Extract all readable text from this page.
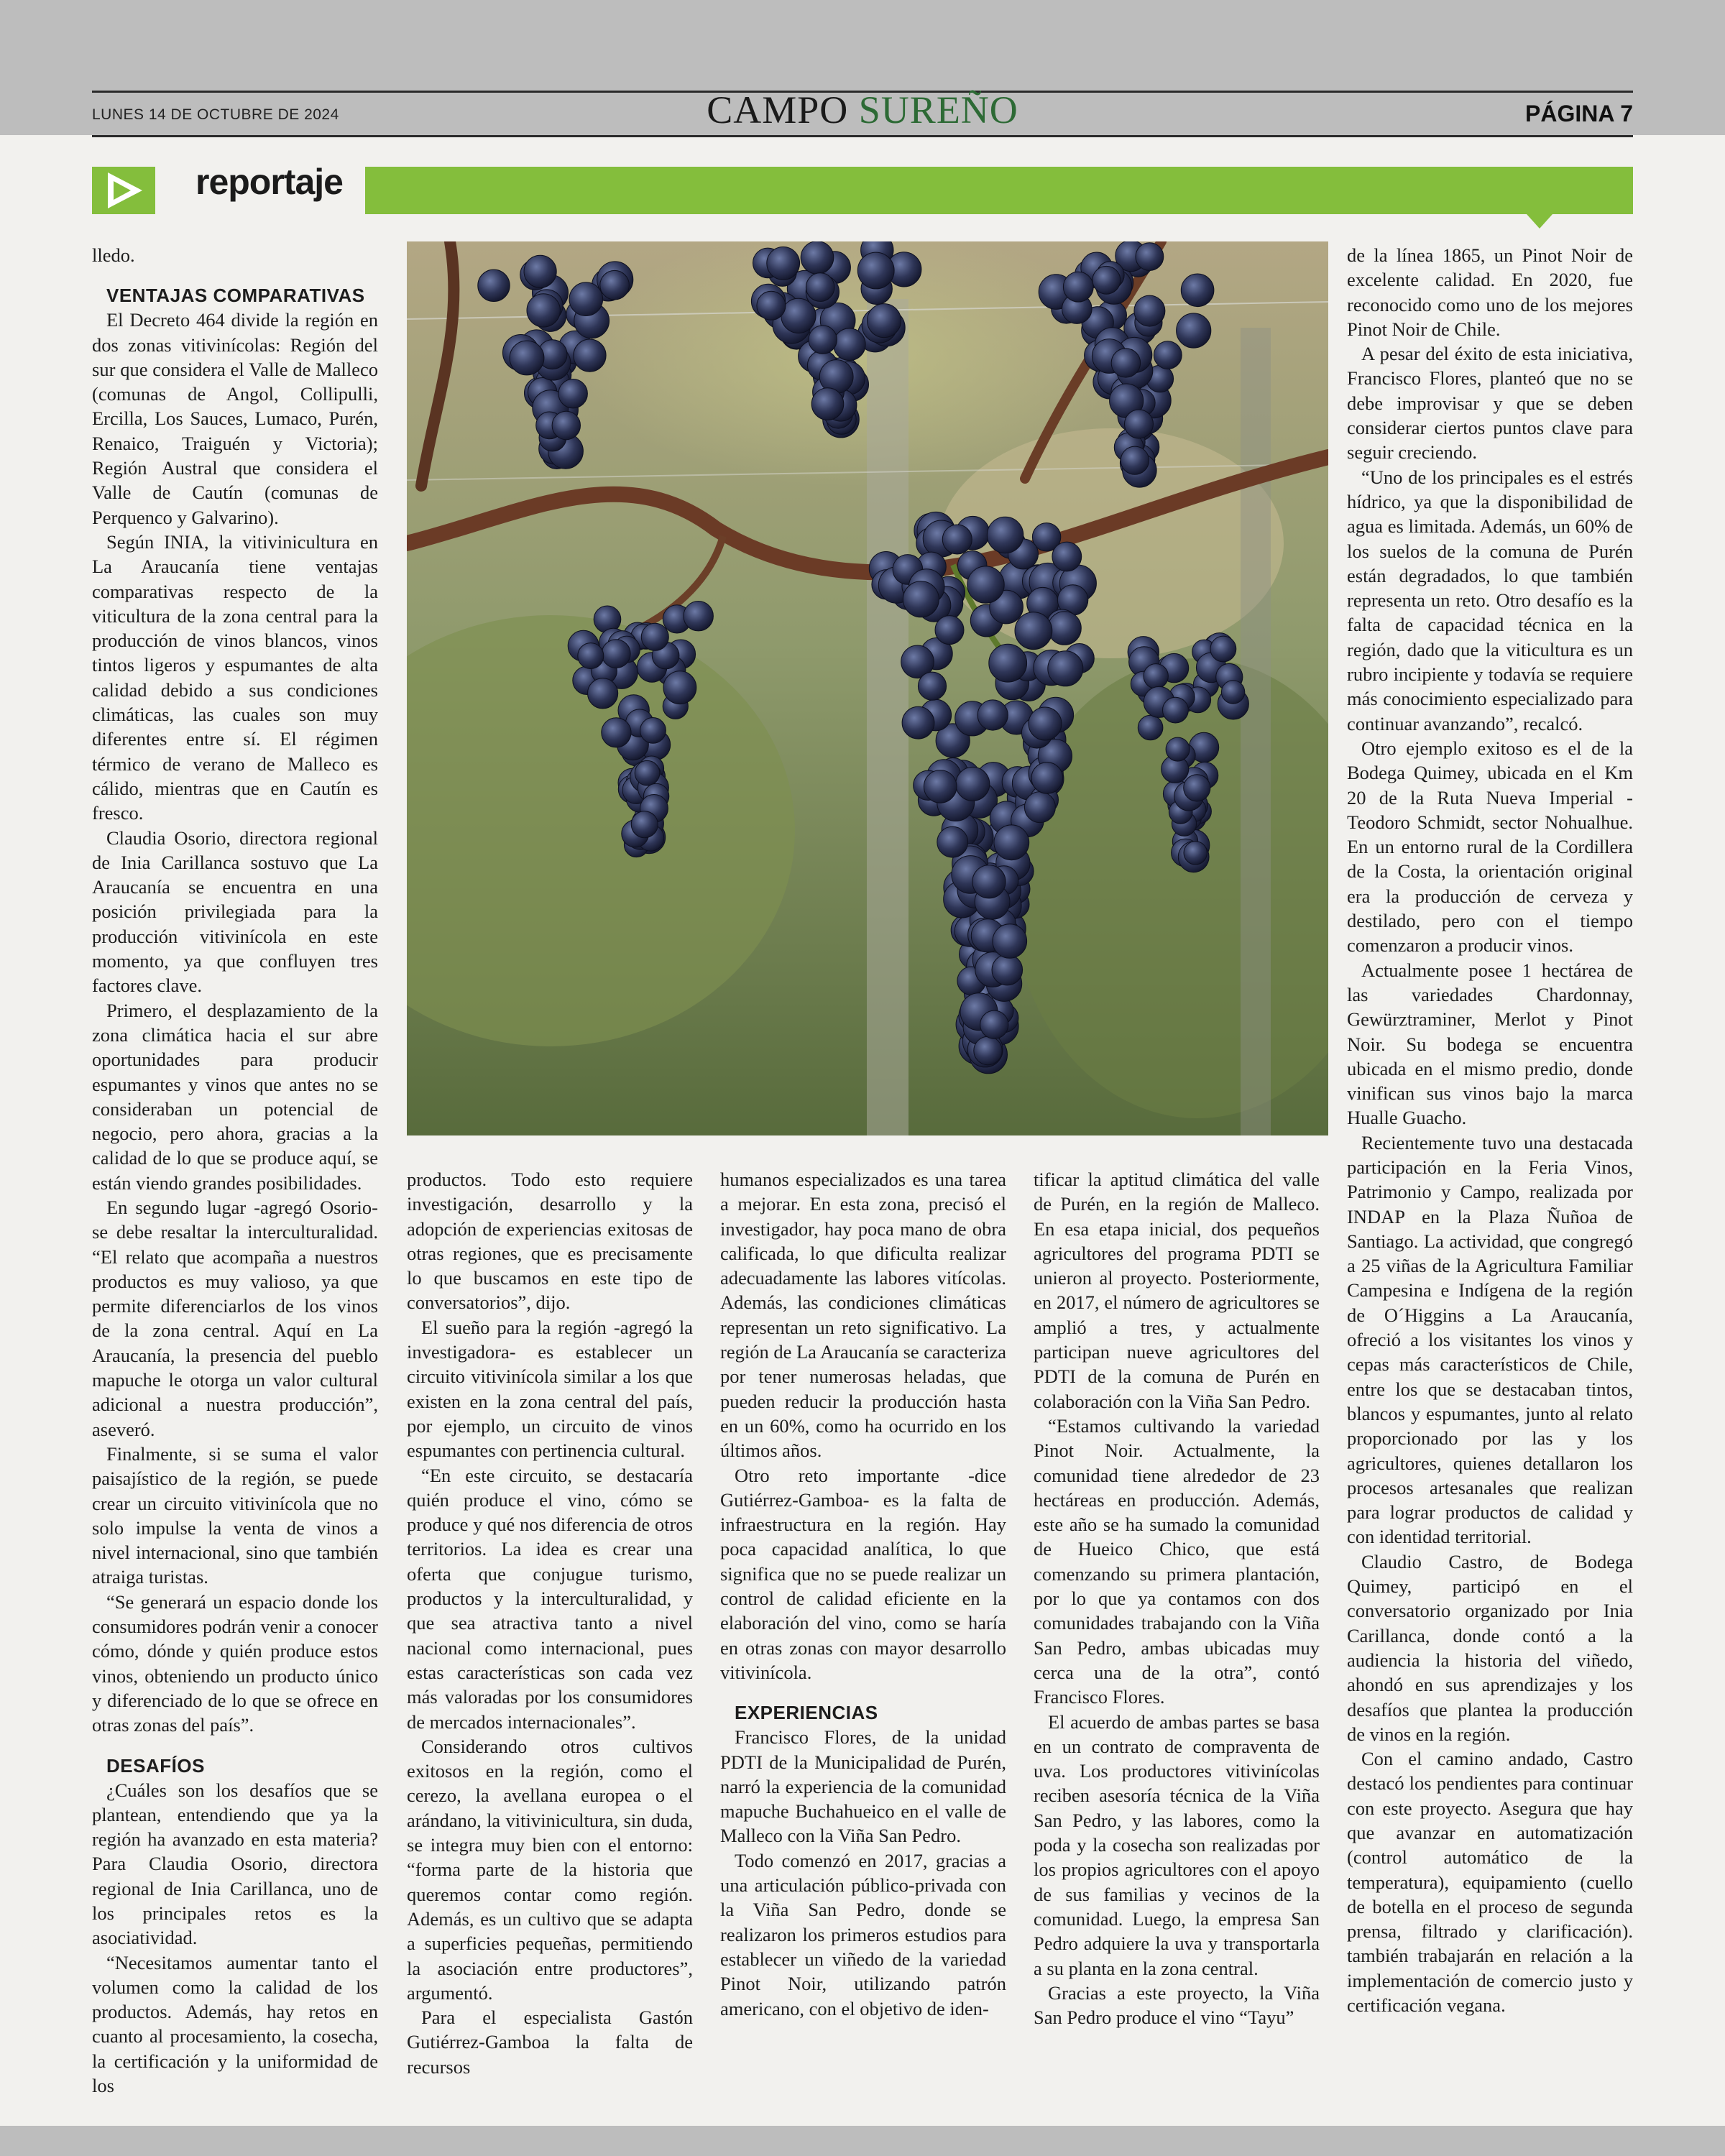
LUNES 14 DE OCTUBRE DE 2024	CAMPO SUREÑO	PÁGINA 7
reportaje

lledo.

VENTAJAS COMPARATIVAS

El Decreto 464 divide la región en dos zonas vitivinícolas: Región del sur que considera el Valle de Malleco (comunas de Angol, Collipulli, Ercilla, Los Sauces, Lumaco, Purén, Renaico, Traiguén y Victoria); Región Austral que considera el Valle de Cautín (comunas de Perquenco y Galvarino).

Según INIA, la vitivinicultura en La Araucanía tiene ventajas comparativas respecto de la viticultura de la zona central para la producción de vinos blancos, vinos tintos ligeros y espumantes de alta calidad debido a sus condiciones climáticas, las cuales son muy diferentes entre sí. El régimen térmico de verano de Malleco es cálido, mientras que en Cautín es fresco.

Claudia Osorio, directora regional de Inia Carillanca sostuvo que La Araucanía se encuentra en una posición privilegiada para la producción vitivinícola en este momento, ya que confluyen tres factores clave.

Primero, el desplazamiento de la zona climática hacia el sur abre oportunidades para producir espumantes y vinos que antes no se consideraban un potencial de negocio, pero ahora, gracias a la calidad de lo que se produce aquí, se están viendo grandes posibilidades.

En segundo lugar -agregó Osorio- se debe resaltar la interculturalidad. “El relato que acompaña a nuestros productos es muy valioso, ya que permite diferenciarlos de los vinos de la zona central. Aquí en La Araucanía, la presencia del pueblo mapuche le otorga un valor cultural adicional a nuestra producción”, aseveró.

Finalmente, si se suma el valor paisajístico de la región, se puede crear un circuito vitivinícola que no solo impulse la venta de vinos a nivel internacional, sino que también atraiga turistas.

“Se generará un espacio donde los consumidores podrán venir a conocer cómo, dónde y quién produce estos vinos, obteniendo un producto único y diferenciado de lo que se ofrece en otras zonas del país”.

DESAFÍOS

¿Cuáles son los desafíos que se plantean, entendiendo que ya la región ha avanzado en esta materia? Para Claudia Osorio, directora regional de Inia Carillanca, uno de los principales retos es la asociatividad.

“Necesitamos aumentar tanto el volumen como la calidad de los productos. Además, hay retos en cuanto al procesamiento, la cosecha, la certificación y la uniformidad de los

productos. Todo esto requiere investigación, desarrollo y la adopción de experiencias exitosas de otras regiones, que es precisamente lo que buscamos en este tipo de conversatorios”, dijo.

El sueño para la región -agregó la investigadora- es establecer un circuito vitivinícola similar a los que existen en la zona central del país, por ejemplo, un circuito de vinos espumantes con pertinencia cultural.

“En este circuito, se destacaría quién produce el vino, cómo se produce y qué nos diferencia de otros territorios. La idea es crear una oferta que conjugue turismo, productos y la interculturalidad, y que sea atractiva tanto a nivel nacional como internacional, pues estas características son cada vez más valoradas por los consumidores de mercados internacionales”.

Considerando otros cultivos exitosos en la región, como el cerezo, la avellana europea o el arándano, la vitivinicultura, sin duda, se integra muy bien con el entorno: “forma parte de la historia que queremos contar como región. Además, es un cultivo que se adapta a superficies pequeñas, permitiendo la asociación entre productores”, argumentó.

Para el especialista Gastón Gutiérrez-Gamboa la falta de recursos

humanos especializados es una tarea a mejorar. En esta zona, precisó el investigador, hay poca mano de obra calificada, lo que dificulta realizar adecuadamente las labores vitícolas. Además, las condiciones climáticas representan un reto significativo. La región de La Araucanía se caracteriza por tener numerosas heladas, que pueden reducir la producción hasta en un 60%, como ha ocurrido en los últimos años.

Otro reto importante -dice Gutiérrez-Gamboa- es la falta de infraestructura en la región. Hay poca capacidad analítica, lo que significa que no se puede realizar un control de calidad eficiente en la elaboración del vino, como se haría en otras zonas con mayor desarrollo vitivinícola.

EXPERIENCIAS

Francisco Flores, de la unidad PDTI de la Municipalidad de Purén, narró la experiencia de la comunidad mapuche Buchahueico en el valle de Malleco con la Viña San Pedro.

Todo comenzó en 2017, gracias a una articulación público-privada con la Viña San Pedro, donde se realizaron los primeros estudios para establecer un viñedo de la variedad Pinot Noir, utilizando patrón americano, con el objetivo de iden-

tificar la aptitud climática del valle de Purén, en la región de Malleco. En esa etapa inicial, dos pequeños agricultores del programa PDTI se unieron al proyecto. Posteriormente, en 2017, el número de agricultores se amplió a tres, y actualmente participan nueve agricultores del PDTI de la comuna de Purén en colaboración con la Viña San Pedro.

“Estamos cultivando la variedad Pinot Noir. Actualmente, la comunidad tiene alrededor de 23 hectáreas en producción. Además, este año se ha sumado la comunidad de Hueico Chico, que está comenzando su primera plantación, por lo que ya contamos con dos comunidades trabajando con la Viña San Pedro, ambas ubicadas muy cerca una de la otra”, contó Francisco Flores.

El acuerdo de ambas partes se basa en un contrato de compraventa de uva. Los productores vitivinícolas reciben asesoría técnica de la Viña San Pedro, y las labores, como la poda y la cosecha son realizadas por los propios agricultores con el apoyo de sus familias y vecinos de la comunidad. Luego, la empresa San Pedro adquiere la uva y transportarla a su planta en la zona central.

Gracias a este proyecto, la Viña San Pedro produce el vino “Tayu”

de la línea 1865, un Pinot Noir de excelente calidad. En 2020, fue reconocido como uno de los mejores Pinot Noir de Chile.

A pesar del éxito de esta iniciativa, Francisco Flores, planteó que no se debe improvisar y que se deben considerar ciertos puntos clave para seguir creciendo.

“Uno de los principales es el estrés hídrico, ya que la disponibilidad de agua es limitada. Además, un 60% de los suelos de la comuna de Purén están degradados, lo que también representa un reto. Otro desafío es la falta de capacidad técnica en la región, dado que la viticultura es un rubro incipiente y todavía se requiere más conocimiento especializado para continuar avanzando”, recalcó.

Otro ejemplo exitoso es el de la Bodega Quimey, ubicada en el Km 20 de la Ruta Nueva Imperial - Teodoro Schmidt, sector Nohualhue. En un entorno rural de la Cordillera de la Costa, la orientación original era la producción de cerveza y destilado, pero con el tiempo comenzaron a producir vinos.

Actualmente posee 1 hectárea de las variedades Chardonnay, Gewürztraminer, Merlot y Pinot Noir. Su bodega se encuentra ubicada en el mismo predio, donde vinifican sus vinos bajo la marca Hualle Guacho.

Recientemente tuvo una destacada participación en la Feria Vinos, Patrimonio y Campo, realizada por INDAP en la Plaza Ñuñoa de Santiago. La actividad, que congregó a 25 viñas de la Agricultura Familiar Campesina e Indígena de la región de O´Higgins a La Araucanía, ofreció a los visitantes los vinos y cepas más característicos de Chile, entre los que se destacaban tintos, blancos y espumantes, junto al relato proporcionado por las y los agricultores, quienes detallaron los procesos artesanales que realizan para lograr productos de calidad y con identidad territorial.

Claudio Castro, de Bodega Quimey, participó en el conversatorio organizado por Inia Carillanca, donde contó a la audiencia la historia del viñedo, ahondó en sus aprendizajes y los desafíos que plantea la producción de vinos en la región.

Con el camino andado, Castro destacó los pendientes para continuar con este proyecto. Asegura que hay que avanzar en automatización (control automático de la temperatura), equipamiento (cuello de botella en el proceso de segunda prensa, filtrado y clarificación). también trabajarán en relación a la implementación de comercio justo y certificación vegana.
